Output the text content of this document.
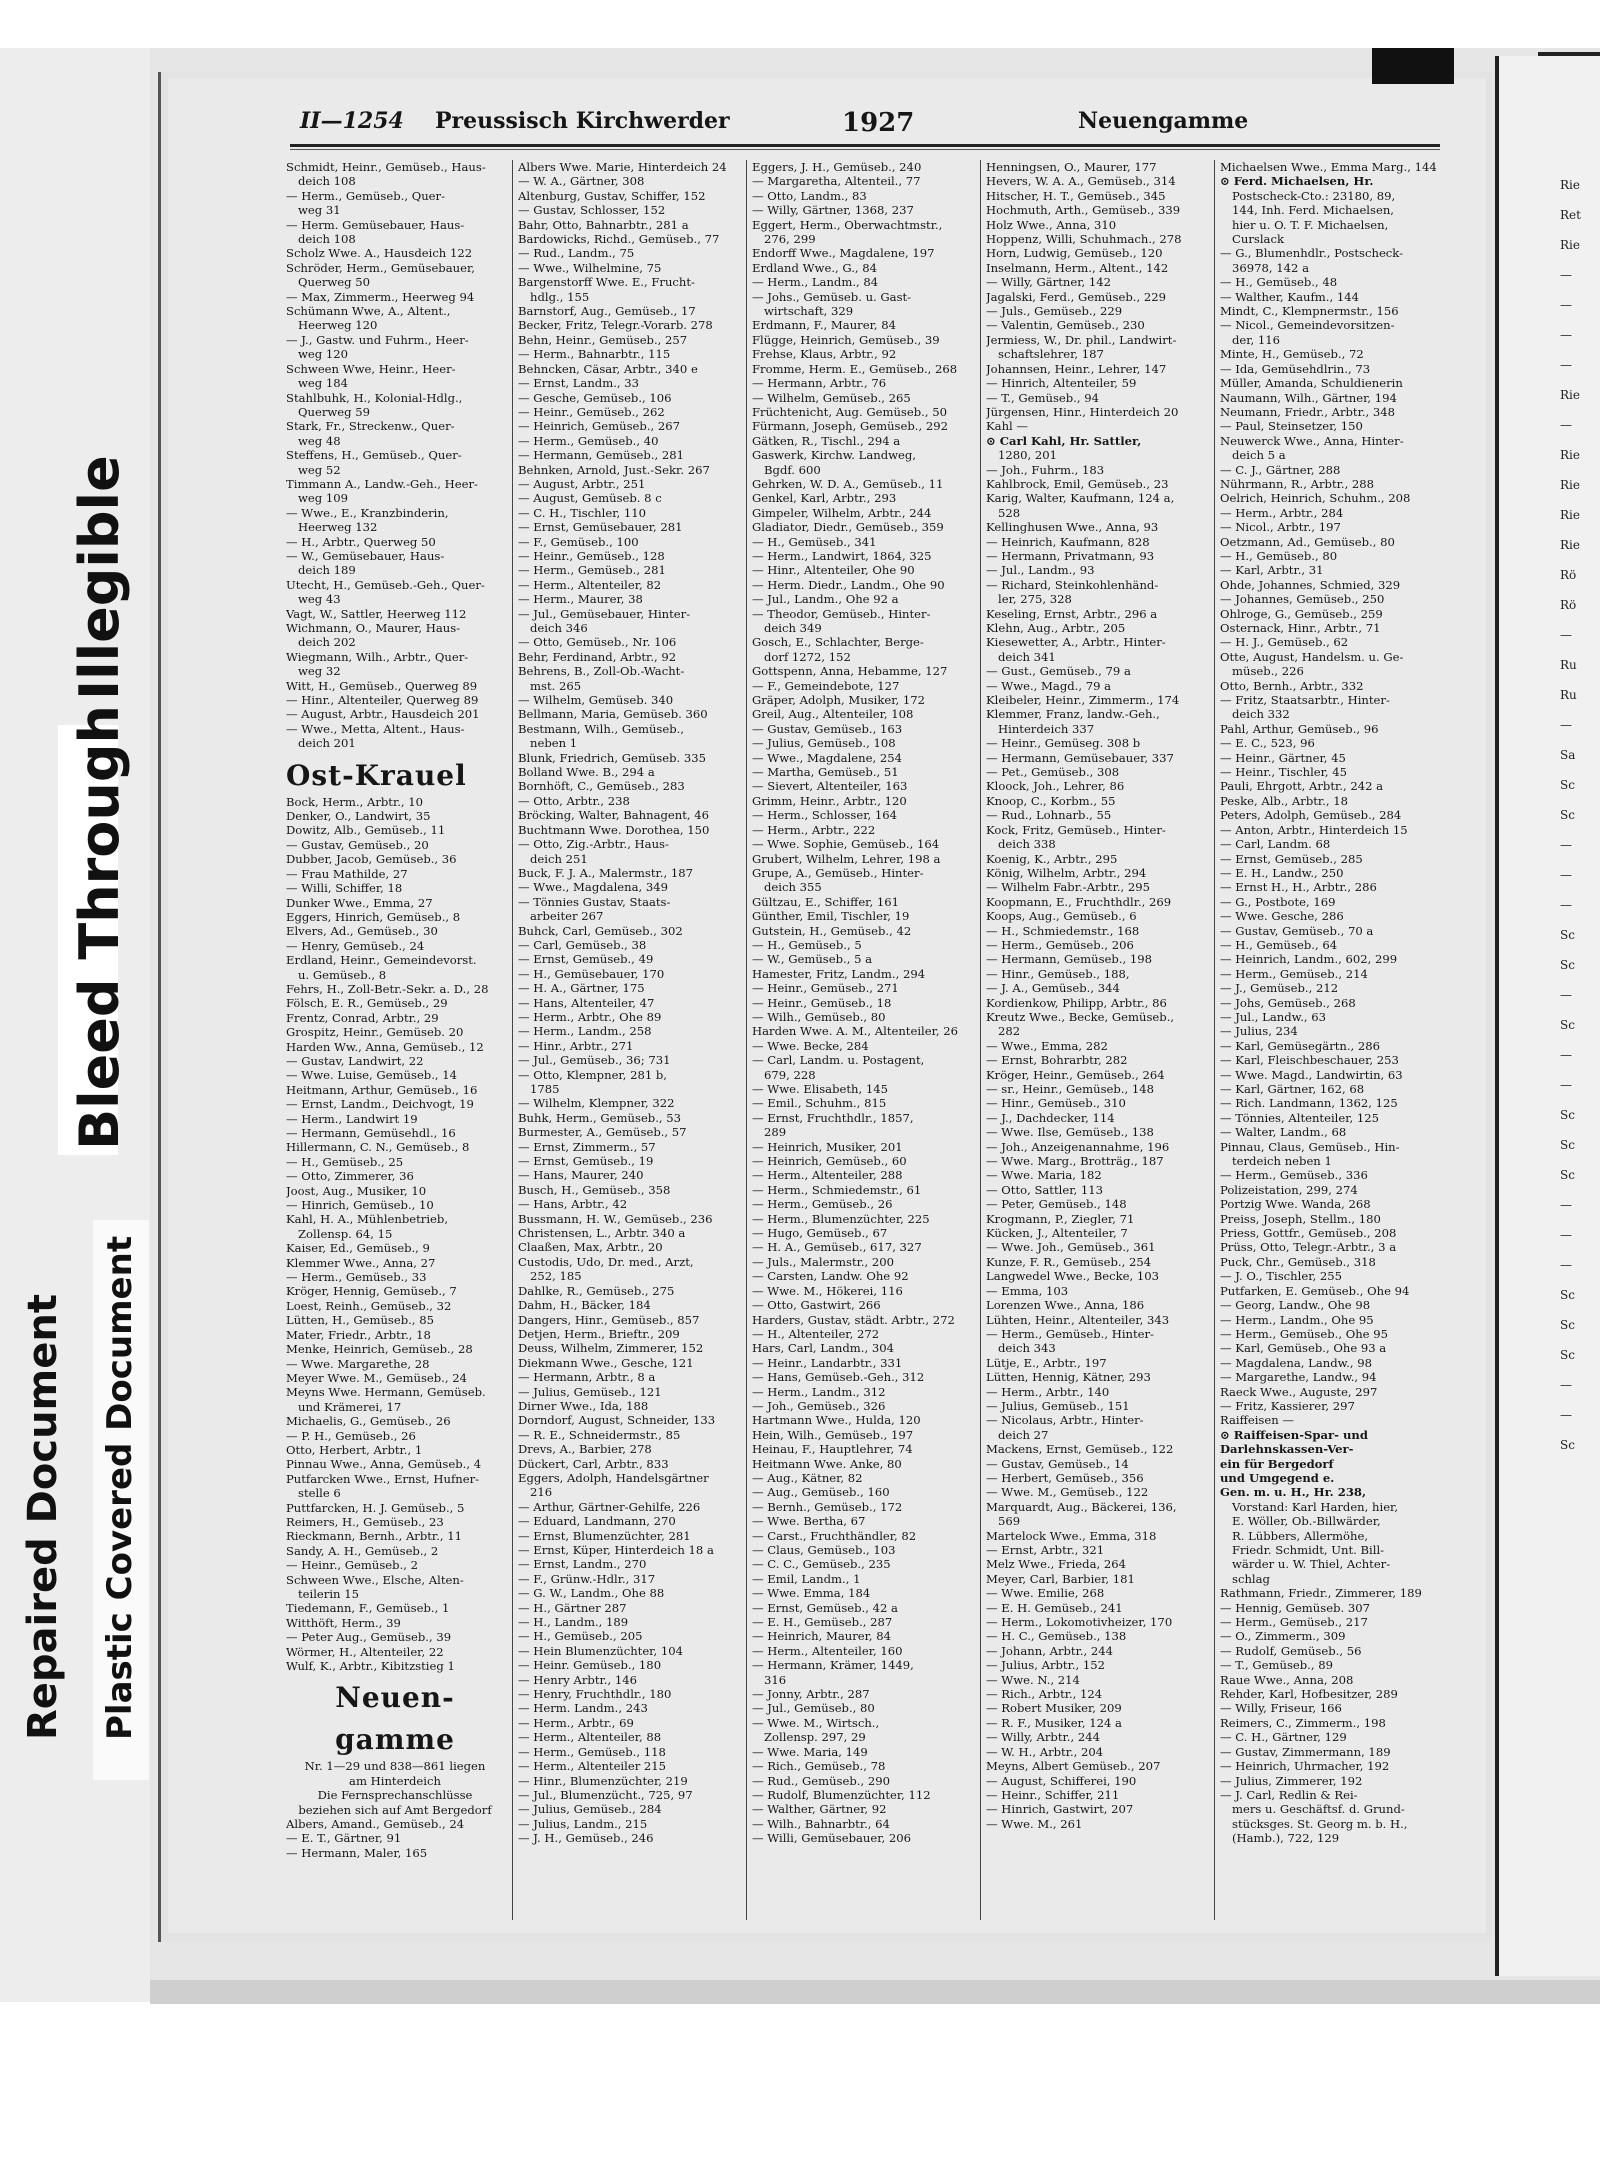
Illegible
Bleed Through
Repaired Document Plastic Covered Document
Rie
Ret
Rie
—
—
—
—
Rie
—
Rie
Rie
Rie
Rie
Rö
Rö
—
Ru
Ru
—
Sa
Sc
Sc
—
—
—
Sc
Sc
—
Sc
—
—
Sc
Sc
Sc
—
—
—
Sc
Sc
Sc
—
—
Sc
II—1254 Preussisch Kirchwerder	1927	Neuengamme
Schmidt, Heinr., Gemüseb., Haus-
deich 108
— Herm., Gemüseb., Quer-
weg 31
— Herm. Gemüsebauer, Haus-
deich 108
Scholz Wwe. A., Hausdeich 122
Schröder, Herm., Gemüsebauer,
Querweg 50
— Max, Zimmerm., Heerweg 94
Schümann Wwe, A., Altent.,
Heerweg 120
— J., Gastw. und Fuhrm., Heer-
weg 120
Schween Wwe, Heinr., Heer-
weg 184
Stahlbuhk, H., Kolonial-Hdlg.,
Querweg 59
Stark, Fr., Streckenw., Quer-
weg 48
Steffens, H., Gemüseb., Quer-
weg 52
Timmann A., Landw.-Geh., Heer-
weg 109
— Wwe., E., Kranzbinderin,
Heerweg 132
— H., Arbtr., Querweg 50
— W., Gemüsebauer, Haus-
deich 189
Utecht, H., Gemüseb.-Geh., Quer-
weg 43
Vagt, W., Sattler, Heerweg 112
Wichmann, O., Maurer, Haus-
deich 202
Wiegmann, Wilh., Arbtr., Quer-
weg 32
Witt, H., Gemüseb., Querweg 89
— Hinr., Altenteiler, Querweg 89
— August, Arbtr., Hausdeich 201
— Wwe., Metta, Altent., Haus-
deich 201
Ost-Krauel
Bock, Herm., Arbtr., 10
Denker, O., Landwirt, 35
Dowitz, Alb., Gemüseb., 11
— Gustav, Gemüseb., 20
Dubber, Jacob, Gemüseb., 36
— Frau Mathilde, 27
— Willi, Schiffer, 18
Dunker Wwe., Emma, 27
Eggers, Hinrich, Gemüseb., 8
Elvers, Ad., Gemüseb., 30
— Henry, Gemüseb., 24
Erdland, Heinr., Gemeindevorst.
u. Gemüseb., 8
Fehrs, H., Zoll-Betr.-Sekr. a. D., 28
Fölsch, E. R., Gemüseb., 29
Frentz, Conrad, Arbtr., 29
Grospitz, Heinr., Gemüseb. 20
Harden Ww., Anna, Gemüseb., 12
— Gustav, Landwirt, 22
— Wwe. Luise, Gemüseb., 14
Heitmann, Arthur, Gemüseb., 16
— Ernst, Landm., Deichvogt, 19
— Herm., Landwirt 19
— Hermann, Gemüsehdl., 16
Hillermann, C. N., Gemüseb., 8
— H., Gemüseb., 25
— Otto, Zimmerer, 36
Joost, Aug., Musiker, 10
— Hinrich, Gemüseb., 10
Kahl, H. A., Mühlenbetrieb,
Zollensp. 64, 15
Kaiser, Ed., Gemüseb., 9
Klemmer Wwe., Anna, 27
— Herm., Gemüseb., 33
Kröger, Hennig, Gemüseb., 7
Loest, Reinh., Gemüseb., 32
Lütten, H., Gemüseb., 85
Mater, Friedr., Arbtr., 18
Menke, Heinrich, Gemüseb., 28
— Wwe. Margarethe, 28
Meyer Wwe. M., Gemüseb., 24
Meyns Wwe. Hermann, Gemüseb.
und Krämerei, 17
Michaelis, G., Gemüseb., 26
— P. H., Gemüseb., 26
Otto, Herbert, Arbtr., 1
Pinnau Wwe., Anna, Gemüseb., 4
Putfarcken Wwe., Ernst, Hufner-
stelle 6
Puttfarcken, H. J. Gemüseb., 5
Reimers, H., Gemüseb., 23
Rieckmann, Bernh., Arbtr., 11
Sandy, A. H., Gemüseb., 2
— Heinr., Gemüseb., 2
Schween Wwe., Elsche, Alten-
teilerin 15
Tiedemann, F., Gemüseb., 1
Witthöft, Herm., 39
— Peter Aug., Gemüseb., 39
Wörmer, H., Altenteiler, 22
Wulf, K., Arbtr., Kibitzstieg 1
Neuen-
gamme
Nr. 1—29 und 838—861 liegen
am Hinterdeich
Die Fernsprechanschlüsse
beziehen sich auf Amt Bergedorf
Albers, Amand., Gemüseb., 24
— E. T., Gärtner, 91
— Hermann, Maler, 165
Albers Wwe. Marie, Hinterdeich 24
— W. A., Gärtner, 308
Altenburg, Gustav, Schiffer, 152
— Gustav, Schlosser, 152
Bahr, Otto, Bahnarbtr., 281 a
Bardowicks, Richd., Gemüseb., 77
— Rud., Landm., 75
— Wwe., Wilhelmine, 75
Bargenstorff Wwe. E., Frucht-
hdlg., 155
Barnstorf, Aug., Gemüseb., 17
Becker, Fritz, Telegr.-Vorarb. 278
Behn, Heinr., Gemüseb., 257
— Herm., Bahnarbtr., 115
Behncken, Cäsar, Arbtr., 340 e
— Ernst, Landm., 33
— Gesche, Gemüseb., 106
— Heinr., Gemüseb., 262
— Heinrich, Gemüseb., 267
— Herm., Gemüseb., 40
— Hermann, Gemüseb., 281
Behnken, Arnold, Just.-Sekr. 267
— August, Arbtr., 251
— August, Gemüseb. 8 c
— C. H., Tischler, 110
— Ernst, Gemüsebauer, 281
— F., Gemüseb., 100
— Heinr., Gemüseb., 128
— Herm., Gemüseb., 281
— Herm., Altenteiler, 82
— Herm., Maurer, 38
— Jul., Gemüsebauer, Hinter-
deich 346
— Otto, Gemüseb., Nr. 106
Behr, Ferdinand, Arbtr., 92
Behrens, B., Zoll-Ob.-Wacht-
mst. 265
— Wilhelm, Gemüseb. 340
Bellmann, Maria, Gemüseb. 360
Bestmann, Wilh., Gemüseb.,
neben 1
Blunk, Friedrich, Gemüseb. 335
Bolland Wwe. B., 294 a
Bornhöft, C., Gemüseb., 283
— Otto, Arbtr., 238
Bröcking, Walter, Bahnagent, 46
Buchtmann Wwe. Dorothea, 150
— Otto, Zig.-Arbtr., Haus-
deich 251
Buck, F. J. A., Malermstr., 187
— Wwe., Magdalena, 349
— Tönnies Gustav, Staats-
arbeiter 267
Buhck, Carl, Gemüseb., 302
— Carl, Gemüseb., 38
— Ernst, Gemüseb., 49
— H., Gemüsebauer, 170
— H. A., Gärtner, 175
— Hans, Altenteiler, 47
— Herm., Arbtr., Ohe 89
— Herm., Landm., 258
— Hinr., Arbtr., 271
— Jul., Gemüseb., 36; 731
— Otto, Klempner, 281 b,
1785
— Wilhelm, Klempner, 322
Buhk, Herm., Gemüseb., 53
Burmester, A., Gemüseb., 57
— Ernst, Zimmerm., 57
— Ernst, Gemüseb., 19
— Hans, Maurer, 240
Busch, H., Gemüseb., 358
— Hans, Arbtr., 42
Bussmann, H. W., Gemüseb., 236
Christensen, L., Arbtr. 340 a
Claaßen, Max, Arbtr., 20
Custodis, Udo, Dr. med., Arzt,
252, 185
Dahlke, R., Gemüseb., 275
Dahm, H., Bäcker, 184
Dangers, Hinr., Gemüseb., 857
Detjen, Herm., Brieftr., 209
Deuss, Wilhelm, Zimmerer, 152
Diekmann Wwe., Gesche, 121
— Hermann, Arbtr., 8 a
— Julius, Gemüseb., 121
Dirner Wwe., Ida, 188
Dorndorf, August, Schneider, 133
— R. E., Schneidermstr., 85
Drevs, A., Barbier, 278
Dückert, Carl, Arbtr., 833
Eggers, Adolph, Handelsgärtner
216
— Arthur, Gärtner-Gehilfe, 226
— Eduard, Landmann, 270
— Ernst, Blumenzüchter, 281
— Ernst, Küper, Hinterdeich 18 a
— Ernst, Landm., 270
— F., Grünw.-Hdlr., 317
— G. W., Landm., Ohe 88
— H., Gärtner 287
— H., Landm., 189
— H., Gemüseb., 205
— Hein Blumenzüchter, 104
— Heinr. Gemüseb., 180
— Henry Arbtr., 146
— Henry, Fruchthdlr., 180
— Herm. Landm., 243
— Herm., Arbtr., 69
— Herm., Altenteiler, 88
— Herm., Gemüseb., 118
— Herm., Altenteiler 215
— Hinr., Blumenzüchter, 219
— Jul., Blumenzücht., 725, 97
— Julius, Gemüseb., 284
— Julius, Landm., 215
— J. H., Gemüseb., 246
Eggers, J. H., Gemüseb., 240
— Margaretha, Altenteil., 77
— Otto, Landm., 83
— Willy, Gärtner, 1368, 237
Eggert, Herm., Oberwachtmstr.,
276, 299
Endorff Wwe., Magdalene, 197
Erdland Wwe., G., 84
— Herm., Landm., 84
— Johs., Gemüseb. u. Gast-
wirtschaft, 329
Erdmann, F., Maurer, 84
Flügge, Heinrich, Gemüseb., 39
Frehse, Klaus, Arbtr., 92
Fromme, Herm. E., Gemüseb., 268
— Hermann, Arbtr., 76
— Wilhelm, Gemüseb., 265
Früchtenicht, Aug. Gemüseb., 50
Fürmann, Joseph, Gemüseb., 292
Gätken, R., Tischl., 294 a
Gaswerk, Kirchw. Landweg,
Bgdf. 600
Gehrken, W. D. A., Gemüseb., 11
Genkel, Karl, Arbtr., 293
Gimpeler, Wilhelm, Arbtr., 244
Gladiator, Diedr., Gemüseb., 359
— H., Gemüseb., 341
— Herm., Landwirt, 1864, 325
— Hinr., Altenteiler, Ohe 90
— Herm. Diedr., Landm., Ohe 90
— Jul., Landm., Ohe 92 a
— Theodor, Gemüseb., Hinter-
deich 349
Gosch, E., Schlachter, Berge-
dorf 1272, 152
Gottspenn, Anna, Hebamme, 127
— F., Gemeindebote, 127
Gräper, Adolph, Musiker, 172
Greil, Aug., Altenteiler, 108
— Gustav, Gemüseb., 163
— Julius, Gemüseb., 108
— Wwe., Magdalene, 254
— Martha, Gemüseb., 51
— Sievert, Altenteiler, 163
Grimm, Heinr., Arbtr., 120
— Herm., Schlosser, 164
— Herm., Arbtr., 222
— Wwe. Sophie, Gemüseb., 164
Grubert, Wilhelm, Lehrer, 198 a
Grupe, A., Gemüseb., Hinter-
deich 355
Gültzau, E., Schiffer, 161
Günther, Emil, Tischler, 19
Gutstein, H., Gemüseb., 42
— H., Gemüseb., 5
— W., Gemüseb., 5 a
Hamester, Fritz, Landm., 294
— Heinr., Gemüseb., 271
— Heinr., Gemüseb., 18
— Wilh., Gemüseb., 80
Harden Wwe. A. M., Altenteiler, 26
— Wwe. Becke, 284
— Carl, Landm. u. Postagent,
679, 228
— Wwe. Elisabeth, 145
— Emil., Schuhm., 815
— Ernst, Fruchthdlr., 1857,
289
— Heinrich, Musiker, 201
— Heinrich, Gemüseb., 60
— Herm., Altenteiler, 288
— Herm., Schmiedemstr., 61
— Herm., Gemüseb., 26
— Herm., Blumenzüchter, 225
— Hugo, Gemüseb., 67
— H. A., Gemüseb., 617, 327
— Juls., Malermstr., 200
— Carsten, Landw. Ohe 92
— Wwe. M., Hökerei, 116
— Otto, Gastwirt, 266
Harders, Gustav, städt. Arbtr., 272
— H., Altenteiler, 272
Hars, Carl, Landm., 304
— Heinr., Landarbtr., 331
— Hans, Gemüseb.-Geh., 312
— Herm., Landm., 312
— Joh., Gemüseb., 326
Hartmann Wwe., Hulda, 120
Hein, Wilh., Gemüseb., 197
Heinau, F., Hauptlehrer, 74
Heitmann Wwe. Anke, 80
— Aug., Kätner, 82
— Aug., Gemüseb., 160
— Bernh., Gemüseb., 172
— Wwe. Bertha, 67
— Carst., Fruchthändler, 82
— Claus, Gemüseb., 103
— C. C., Gemüseb., 235
— Emil, Landm., 1
— Wwe. Emma, 184
— Ernst, Gemüseb., 42 a
— E. H., Gemüseb., 287
— Heinrich, Maurer, 84
— Herm., Altenteiler, 160
— Hermann, Krämer, 1449,
316
— Jonny, Arbtr., 287
— Jul., Gemüseb., 80
— Wwe. M., Wirtsch.,
Zollensp. 297, 29
— Wwe. Maria, 149
— Rich., Gemüseb., 78
— Rud., Gemüseb., 290
— Rudolf, Blumenzüchter, 112
— Walther, Gärtner, 92
— Wilh., Bahnarbtr., 64
— Willi, Gemüsebauer, 206
Henningsen, O., Maurer, 177
Hevers, W. A. A., Gemüseb., 314
Hitscher, H. T., Gemüseb., 345
Hochmuth, Arth., Gemüseb., 339
Holz Wwe., Anna, 310
Hoppenz, Willi, Schuhmach., 278
Horn, Ludwig, Gemüseb., 120
Inselmann, Herm., Altent., 142
— Willy, Gärtner, 142
Jagalski, Ferd., Gemüseb., 229
— Juls., Gemüseb., 229
— Valentin, Gemüseb., 230
Jermiess, W., Dr. phil., Landwirt-
schaftslehrer, 187
Johannsen, Heinr., Lehrer, 147
— Hinrich, Altenteiler, 59
— T., Gemüseb., 94
Jürgensen, Hinr., Hinterdeich 20
Kahl —
⊙ Carl Kahl, Hr. Sattler,
1280, 201
— Joh., Fuhrm., 183
Kahlbrock, Emil, Gemüseb., 23
Karig, Walter, Kaufmann, 124 a,
528
Kellinghusen Wwe., Anna, 93
— Heinrich, Kaufmann, 828
— Hermann, Privatmann, 93
— Jul., Landm., 93
— Richard, Steinkohlenhänd-
ler, 275, 328
Keseling, Ernst, Arbtr., 296 a
Klehn, Aug., Arbtr., 205
Kiesewetter, A., Arbtr., Hinter-
deich 341
— Gust., Gemüseb., 79 a
— Wwe., Magd., 79 a
Kleibeler, Heinr., Zimmerm., 174
Klemmer, Franz, landw.-Geh.,
Hinterdeich 337
— Heinr., Gemüseg. 308 b
— Hermann, Gemüsebauer, 337
— Pet., Gemüseb., 308
Kloock, Joh., Lehrer, 86
Knoop, C., Korbm., 55
— Rud., Lohnarb., 55
Kock, Fritz, Gemüseb., Hinter-
deich 338
Koenig, K., Arbtr., 295
König, Wilhelm, Arbtr., 294
— Wilhelm Fabr.-Arbtr., 295
Koopmann, E., Fruchthdlr., 269
Koops, Aug., Gemüseb., 6
— H., Schmiedemstr., 168
— Herm., Gemüseb., 206
— Hermann, Gemüseb., 198
— Hinr., Gemüseb., 188,
— J. A., Gemüseb., 344
Kordienkow, Philipp, Arbtr., 86
Kreutz Wwe., Becke, Gemüseb.,
282
— Wwe., Emma, 282
— Ernst, Bohrarbtr, 282
Kröger, Heinr., Gemüseb., 264
— sr., Heinr., Gemüseb., 148
— Hinr., Gemüseb., 310
— J., Dachdecker, 114
— Wwe. Ilse, Gemüseb., 138
— Joh., Anzeigenannahme, 196
— Wwe. Marg., Brotträg., 187
— Wwe. Maria, 182
— Otto, Sattler, 113
— Peter, Gemüseb., 148
Krogmann, P., Ziegler, 71
Kücken, J., Altenteiler, 7
— Wwe. Joh., Gemüseb., 361
Kunze, F. R., Gemüseb., 254
Langwedel Wwe., Becke, 103
— Emma, 103
Lorenzen Wwe., Anna, 186
Lühten, Heinr., Altenteiler, 343
— Herm., Gemüseb., Hinter-
deich 343
Lütje, E., Arbtr., 197
Lütten, Hennig, Kätner, 293
— Herm., Arbtr., 140
— Julius, Gemüseb., 151
— Nicolaus, Arbtr., Hinter-
deich 27
Mackens, Ernst, Gemüseb., 122
— Gustav, Gemüseb., 14
— Herbert, Gemüseb., 356
— Wwe. M., Gemüseb., 122
Marquardt, Aug., Bäckerei, 136,
569
Martelock Wwe., Emma, 318
— Ernst, Arbtr., 321
Melz Wwe., Frieda, 264
Meyer, Carl, Barbier, 181
— Wwe. Emilie, 268
— E. H. Gemüseb., 241
— Herm., Lokomotivheizer, 170
— H. C., Gemüseb., 138
— Johann, Arbtr., 244
— Julius, Arbtr., 152
— Wwe. N., 214
— Rich., Arbtr., 124
— Robert Musiker, 209
— R. F., Musiker, 124 a
— Willy, Arbtr., 244
— W. H., Arbtr., 204
Meyns, Albert Gemüseb., 207
— August, Schifferei, 190
— Heinr., Schiffer, 211
— Hinrich, Gastwirt, 207
— Wwe. M., 261
Michaelsen Wwe., Emma Marg., 144
⊙ Ferd. Michaelsen, Hr.
Postscheck-Cto.: 23180, 89,
144, Inh. Ferd. Michaelsen,
hier u. O. T. F. Michaelsen,
Curslack
— G., Blumenhdlr., Postscheck-
36978, 142 a
— H., Gemüseb., 48
— Walther, Kaufm., 144
Mindt, C., Klempnermstr., 156
— Nicol., Gemeindevorsitzen-
der, 116
Minte, H., Gemüseb., 72
— Ida, Gemüsehdlrin., 73
Müller, Amanda, Schuldienerin
Naumann, Wilh., Gärtner, 194
Neumann, Friedr., Arbtr., 348
— Paul, Steinsetzer, 150
Neuwerck Wwe., Anna, Hinter-
deich 5 a
— C. J., Gärtner, 288
Nührmann, R., Arbtr., 288
Oelrich, Heinrich, Schuhm., 208
— Herm., Arbtr., 284
— Nicol., Arbtr., 197
Oetzmann, Ad., Gemüseb., 80
— H., Gemüseb., 80
— Karl, Arbtr., 31
Ohde, Johannes, Schmied, 329
— Johannes, Gemüseb., 250
Ohlroge, G., Gemüseb., 259
Osternack, Hinr., Arbtr., 71
— H. J., Gemüseb., 62
Otte, August, Handelsm. u. Ge-
müseb., 226
Otto, Bernh., Arbtr., 332
— Fritz, Staatsarbtr., Hinter-
deich 332
Pahl, Arthur, Gemüseb., 96
— E. C., 523, 96
— Heinr., Gärtner, 45
— Heinr., Tischler, 45
Pauli, Ehrgott, Arbtr., 242 a
Peske, Alb., Arbtr., 18
Peters, Adolph, Gemüseb., 284
— Anton, Arbtr., Hinterdeich 15
— Carl, Landm. 68
— Ernst, Gemüseb., 285
— E. H., Landw., 250
— Ernst H., H., Arbtr., 286
— G., Postbote, 169
— Wwe. Gesche, 286
— Gustav, Gemüseb., 70 a
— H., Gemüseb., 64
— Heinrich, Landm., 602, 299
— Herm., Gemüseb., 214
— J., Gemüseb., 212
— Johs, Gemüseb., 268
— Jul., Landw., 63
— Julius, 234
— Karl, Gemüsegärtn., 286
— Karl, Fleischbeschauer, 253
— Wwe. Magd., Landwirtin, 63
— Karl, Gärtner, 162, 68
— Rich. Landmann, 1362, 125
— Tönnies, Altenteiler, 125
— Walter, Landm., 68
Pinnau, Claus, Gemüseb., Hin-
terdeich neben 1
— Herm., Gemüseb., 336
Polizeistation, 299, 274
Portzig Wwe. Wanda, 268
Preiss, Joseph, Stellm., 180
Priess, Gottfr., Gemüseb., 208
Prüss, Otto, Telegr.-Arbtr., 3 a
Puck, Chr., Gemüseb., 318
— J. O., Tischler, 255
Putfarken, E. Gemüseb., Ohe 94
— Georg, Landw., Ohe 98
— Herm., Landm., Ohe 95
— Herm., Gemüseb., Ohe 95
— Karl, Gemüseb., Ohe 93 a
— Magdalena, Landw., 98
— Margarethe, Landw., 94
Raeck Wwe., Auguste, 297
— Fritz, Kassierer, 297
Raiffeisen —
⊙ Raiffeisen-Spar- und
Darlehnskassen-Ver-
ein für Bergedorf
und Umgegend e.
Gen. m. u. H., Hr. 238,
Vorstand: Karl Harden, hier,
E. Wöller, Ob.-Billwärder,
R. Lübbers, Allermöhe,
Friedr. Schmidt, Unt. Bill-
wärder u. W. Thiel, Achter-
schlag
Rathmann, Friedr., Zimmerer, 189
— Hennig, Gemüseb. 307
— Herm., Gemüseb., 217
— O., Zimmerm., 309
— Rudolf, Gemüseb., 56
— T., Gemüseb., 89
Raue Wwe., Anna, 208
Rehder, Karl, Hofbesitzer, 289
— Willy, Friseur, 166
Reimers, C., Zimmerm., 198
— C. H., Gärtner, 129
— Gustav, Zimmermann, 189
— Heinrich, Uhrmacher, 192
— Julius, Zimmerer, 192
— J. Carl, Redlin & Rei-
mers u. Geschäftsf. d. Grund-
stücksges. St. Georg m. b. H.,
(Hamb.), 722, 129
